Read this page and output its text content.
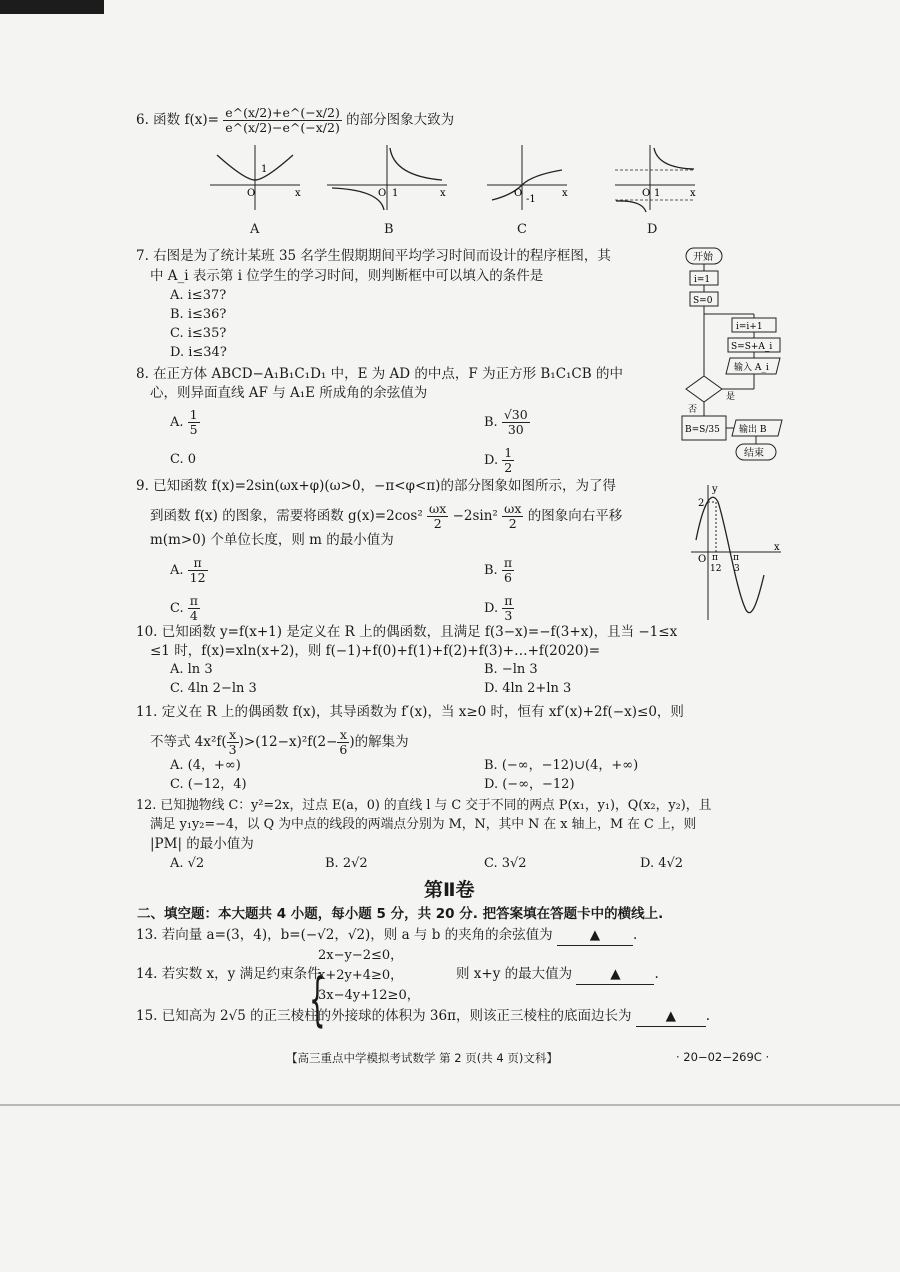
6. 函数 $f(x)= \frac{e\^{}(x/2)+e\^{}(-x/2)}{e\^{}(x/2)-e\^{}(-x/2)}$ 的部分图象大致为
O
1
x	O 1	x	O
-1
x	O 1	x
A	B	C	D
7. 右图是为了统计某班 35 名学生假期期间平均学习时间而设计的程序框图，其
中 A_i 表示第 i 位学生的学习时间，则判断框中可以填入的条件是
A. i≤37?
B. i≤36?
C. i≤35?
D. i≤34?
开始
i=1
S=0
i=i+1
S=S+A_i
输入 A_i
是
否
B=S/35 输出 B
结束
8. 在正方体 ABCD−A₁B₁C₁D₁ 中，E 为 AD 的中点，F 为正方形 B₁C₁CB 的中
心，则异面直线 AF 与 A₁E 所成角的余弦值为
A. $\frac{1}{5}$	B. $\frac{√30}{30}$
C. 0	D. $\frac{1}{2}$
9. 已知函数 f(x)=2sin(ωx+φ)(ω>0，−π<φ<π)的部分图象如图所示，为了得
到函数 f(x) 的图象，需要将函数 $g(x)=2\cos^2 \frac{\omega x}{2} -2\sin^2 \frac{\omega x}{2}$ 的图象向右平移
m(m>0) 个单位长度，则 m 的最小值为
A. $\frac{\pi}{12}$	B. $\frac{\pi}{6}$
C. $\frac{\pi}{4}$	D. $\frac{\pi}{3}$
y
2
O π
12
π
3
x
10. 已知函数 y=f(x+1) 是定义在 R 上的偶函数，且满足 f(3−x)=−f(3+x)，且当 −1≤x
≤1 时，f(x)=xln(x+2)，则 f(−1)+f(0)+f(1)+f(2)+f(3)+…+f(2020)=
A. ln 3	B. −ln 3
C. 4ln 2−ln 3	D. 4ln 2+ln 3
11. 定义在 R 上的偶函数 f(x)，其导函数为 f′(x)，当 x≥0 时，恒有 xf′(x)+2f(−x)≤0，则
不等式 $4x^2f( \frac{x}{3} )>(12-x)^2f(2- \frac{x}{6}$ )的解集为
A. (4，+∞)	B. (−∞，−12)∪(4，+∞)
C. (−12，4)	D. (−∞，−12)
12. 已知抛物线 C：y²=2x，过点 E(a，0) 的直线 l 与 C 交于不同的两点 P(x₁，y₁)，Q(x₂，y₂)，且
满足 y₁y₂=−4，以 Q 为中点的线段的两端点分别为 M，N，其中 N 在 x 轴上，M 在 C 上，则
|PM| 的最小值为
A. √2	B. 2√2	C. 3√2	D. 4√2
第Ⅱ卷
二、填空题：本大题共 4 小题，每小题 5 分，共 20 分. 把答案填在答题卡中的横线上.
13. 若向量 a=(3，4)，b=(−√2，√2)，则 a 与 b 的夹角的余弦值为	▲ .
14. 若实数 x，y 满足约束条件
{
2x−y−2≤0，
x+2y+4≥0，
3x−4y+12≥0，
则 x+y 的最大值为	▲	.
15. 已知高为 2√5 的正三棱柱的外接球的体积为 36π，则该正三棱柱的底面边长为	▲ .
【高三重点中学模拟考试数学 第 2 页(共 4 页)文科】	· 20−02−269C ·
